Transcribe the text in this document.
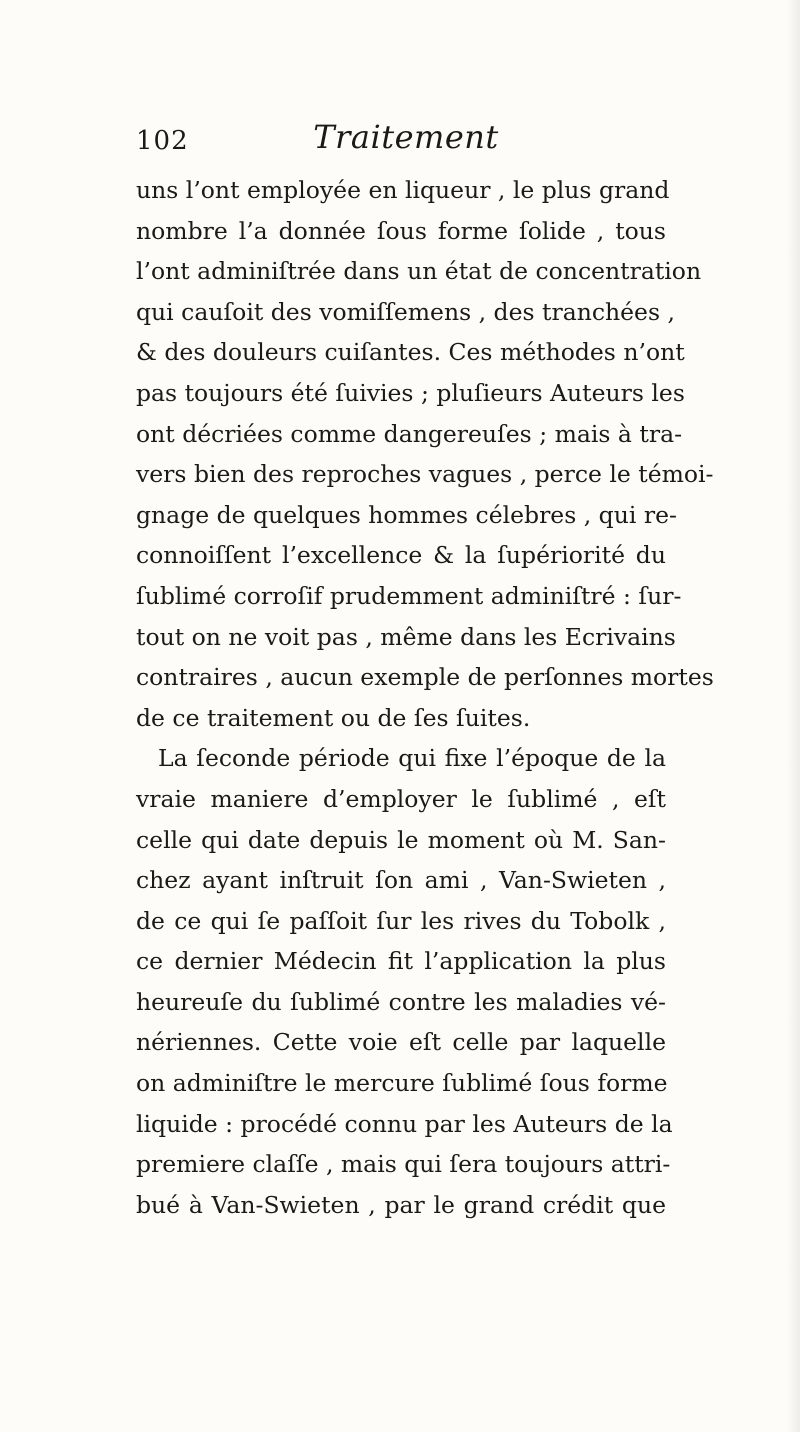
102	Traitement
uns l’ont employée en liqueur , le plus grand
nombre l’a donnée ſous forme ſolide , tous
l’ont adminiſtrée dans un état de concentration
qui cauſoit des vomiſſemens , des tranchées ,
& des douleurs cuiſantes. Ces méthodes n’ont
pas toujours été ſuivies ; pluſieurs Auteurs les
ont décriées comme dangereuſes ; mais à tra-
vers bien des reproches vagues , perce le témoi-
gnage de quelques hommes célebres , qui re-
connoiſſent l’excellence & la ſupériorité du
ſublimé corroſif prudemment adminiſtré : ſur-
tout on ne voit pas , même dans les Ecrivains
contraires , aucun exemple de perſonnes mortes
de ce traitement ou de ſes ſuites.
La ſeconde période qui fixe l’époque de la
vraie maniere d’employer le ſublimé , eſt
celle qui date depuis le moment où M. San-
chez ayant inſtruit ſon ami , Van-Swieten ,
de ce qui ſe paſſoit ſur les rives du Tobolk ,
ce dernier Médecin fit l’application la plus
heureuſe du ſublimé contre les maladies vé-
nériennes. Cette voie eſt celle par laquelle
on adminiſtre le mercure ſublimé ſous forme
liquide : procédé connu par les Auteurs de la
premiere claſſe , mais qui ſera toujours attri-
bué à Van-Swieten , par le grand crédit que
